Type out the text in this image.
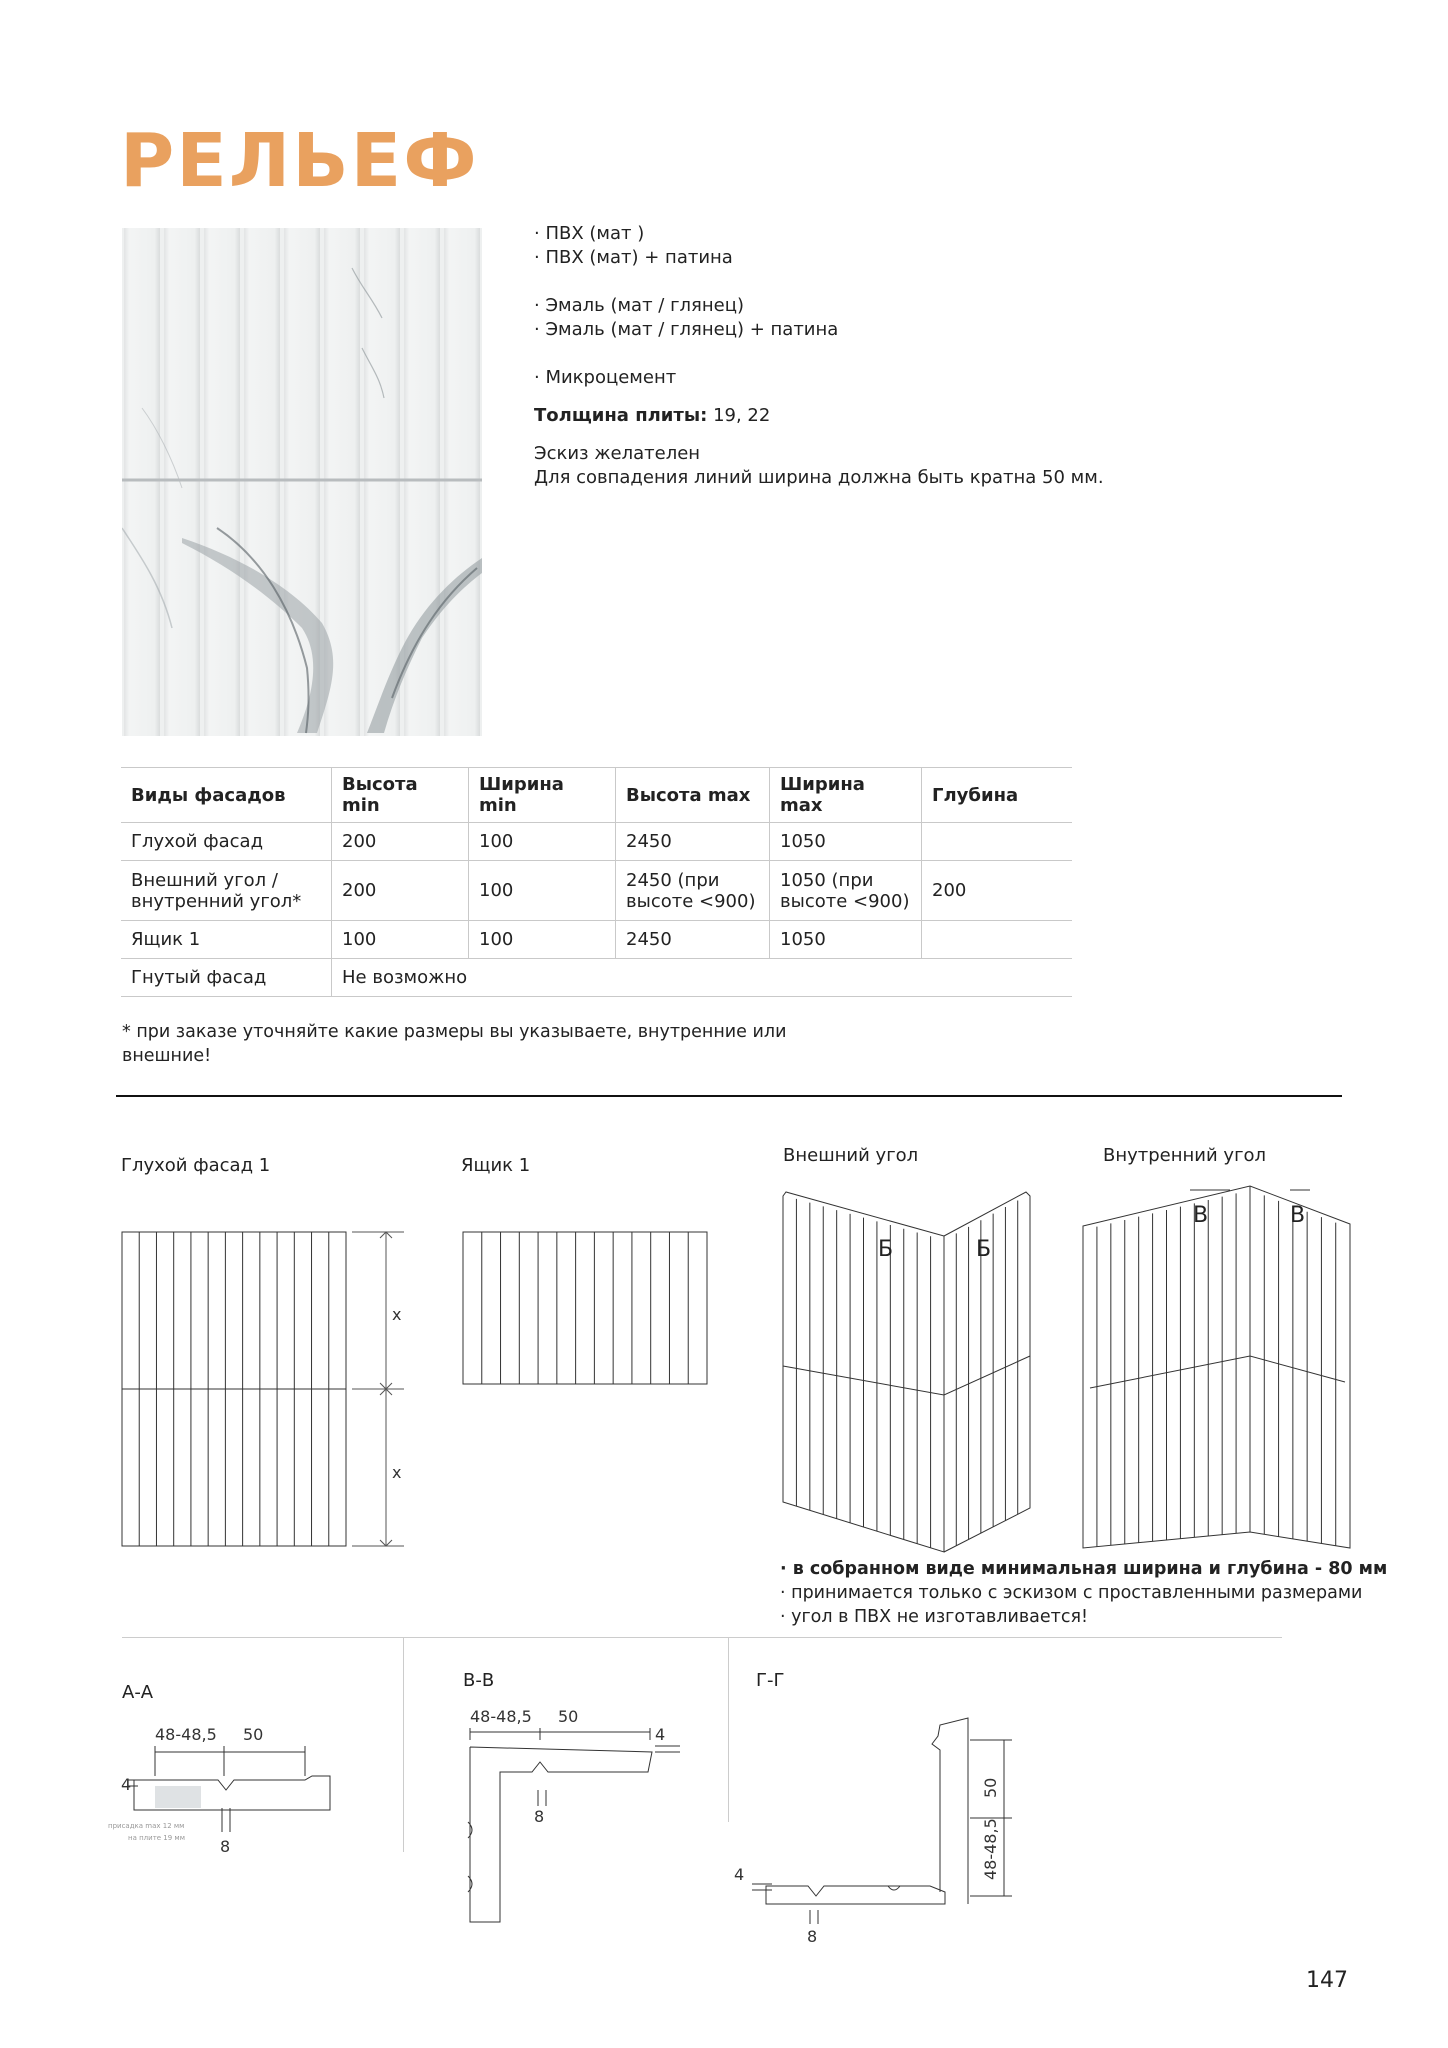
РЕЛЬЕФ
· ПВХ (мат )
· ПВХ (мат) + патина
· Эмаль (мат / глянец)
· Эмаль (мат / глянец) + патина
· Микроцемент
Толщина плиты: 19, 22
Эскиз желателен
Для совпадения линий ширина должна быть кратна 50 мм.
Виды фасадов	Высота min	Ширина min	Высота max	Ширина max	Глубина
Глухой фасад	200	100	2450	1050	
Внешний угол / внутренний угол*	200	100	2450 (при высоте <900)	1050 (при высоте <900)	200
Ящик 1	100	100	2450	1050	
Гнутый фасад	Не возможно				
* при заказе уточняйте какие размеры вы указываете, внутренние или внешние!
Глухой фасад 1	Ящик 1	Внешний угол	Внутренний угол
x
x
Б	Б
В	В
· в собранном виде минимальная ширина и глубина - 80 мм
· принимается только с эскизом с проставленными размерами
· угол в ПВХ не изготавливается!
А-А
В-В	Г-Г
48-48,5 50
4
8
48-48,5 50
4
8
4
8
50
48-48,5
присадка max 12 мм
на плите 19 мм
147
